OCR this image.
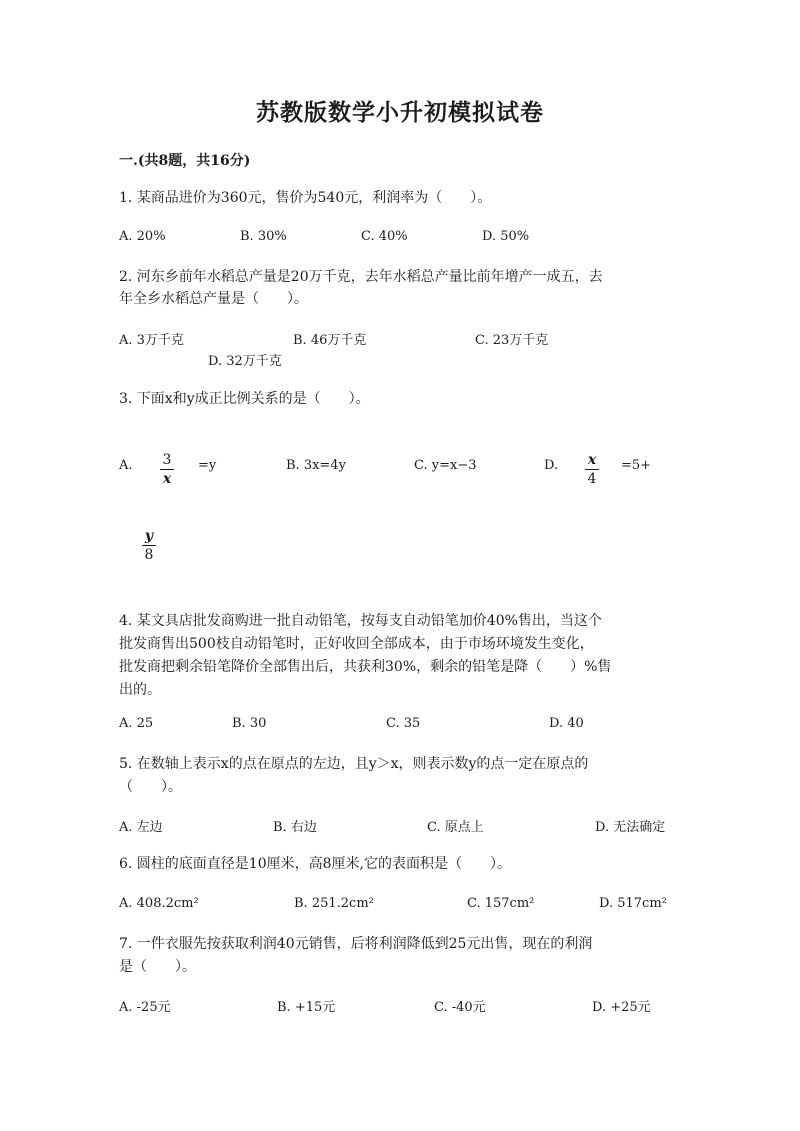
苏教版数学小升初模拟试卷
一.(共8题，共16分)
1. 某商品进价为360元，售价为540元，利润率为（　　）。
A. 20%	B. 30%	C. 40%	D. 50%
2. 河东乡前年水稻总产量是20万千克，去年水稻总产量比前年增产一成五，去
年全乡水稻总产量是（　　）。
A. 3万千克	B. 46万千克	C. 23万千克
D. 32万千克
3. 下面x和y成正比例关系的是（　　）。
A. 3
x
=y	B. 3x=4y	C. y=x−3	D. x
4
=5+
y
8
4. 某文具店批发商购进一批自动铅笔，按每支自动铅笔加价40%售出，当这个
批发商售出500枝自动铅笔时，正好收回全部成本，由于市场环境发生变化，
批发商把剩余铅笔降价全部售出后，共获利30%，剩余的铅笔是降（　　）%售
出的。
A. 25	B. 30	C. 35	D. 40
5. 在数轴上表示x的点在原点的左边，且y＞x，则表示数y的点一定在原点的
（　　）。
A. 左边	B. 右边	C. 原点上	D. 无法确定
6. 圆柱的底面直径是10厘米，高8厘米,它的表面积是（　　）。
A. 408.2cm²	B. 251.2cm²	C. 157cm²	D. 517cm²
7. 一件衣服先按获取利润40元销售，后将利润降低到25元出售，现在的利润
是（　　）。
A. -25元	B. +15元	C. -40元	D. +25元
